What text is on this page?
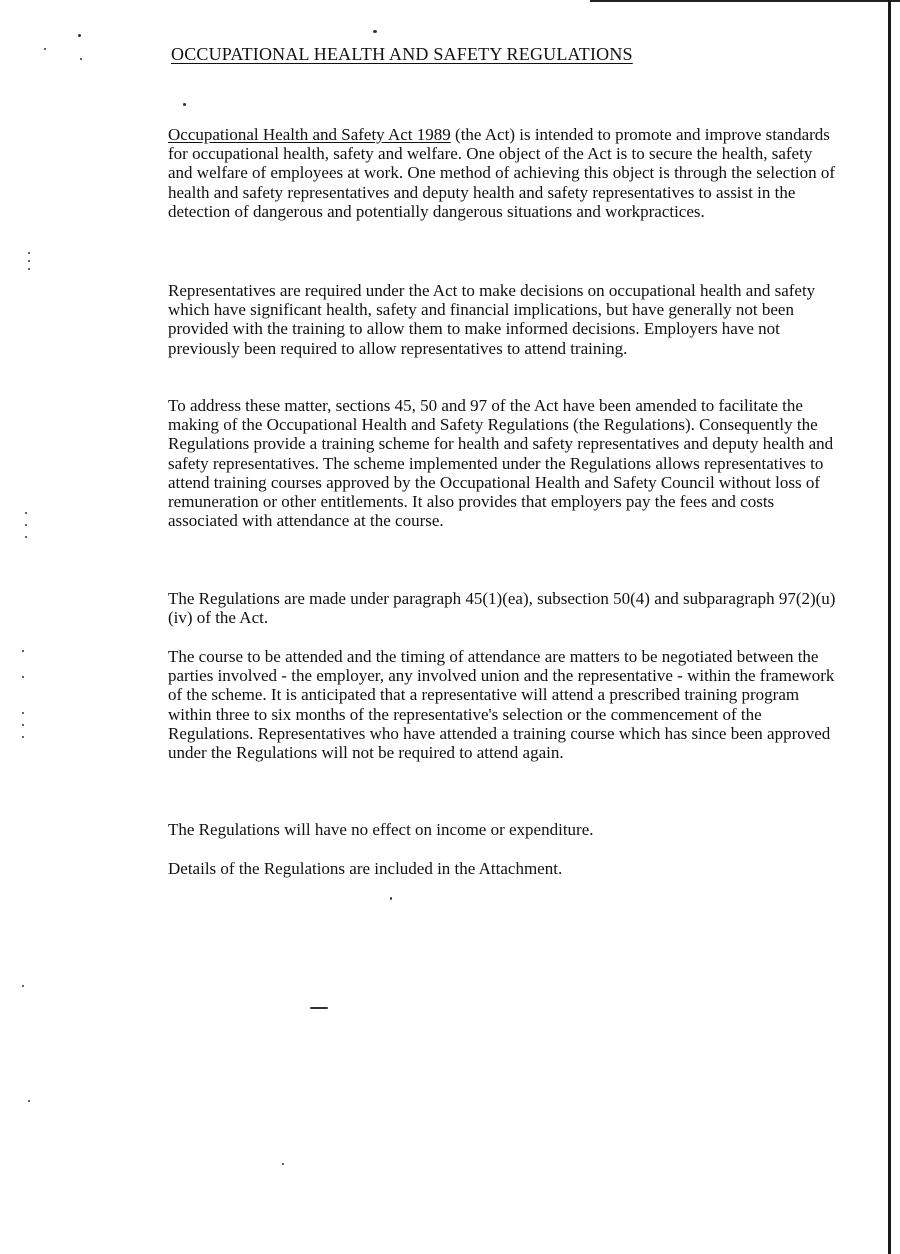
OCCUPATIONAL HEALTH AND SAFETY REGULATIONS

Occupational Health and Safety Act 1989 (the Act) is intended to promote and improve standards for occupational health, safety and welfare. One object of the Act is to secure the health, safety and welfare of employees at work. One method of achieving this object is through the selection of health and safety representatives and deputy health and safety representatives to assist in the detection of dangerous and potentially dangerous situations and workpractices.

Representatives are required under the Act to make decisions on occupational health and safety which have significant health, safety and financial implications, but have generally not been provided with the training to allow them to make informed decisions. Employers have not previously been required to allow representatives to attend training.

To address these matter, sections 45, 50 and 97 of the Act have been amended to facilitate the making of the Occupational Health and Safety Regulations (the Regulations). Consequently the Regulations provide a training scheme for health and safety representatives and deputy health and safety representatives. The scheme implemented under the Regulations allows representatives to attend training courses approved by the Occupational Health and Safety Council without loss of remuneration or other entitlements. It also provides that employers pay the fees and costs associated with attendance at the course.

The Regulations are made under paragraph 45(1)(ea), subsection 50(4) and subparagraph 97(2)(u)(iv) of the Act.

The course to be attended and the timing of attendance are matters to be negotiated between the parties involved - the employer, any involved union and the representative - within the framework of the scheme. It is anticipated that a representative will attend a prescribed training program within three to six months of the representative's selection or the commencement of the Regulations. Representatives who have attended a training course which has since been approved under the Regulations will not be required to attend again.

The Regulations will have no effect on income or expenditure.

Details of the Regulations are included in the Attachment.
